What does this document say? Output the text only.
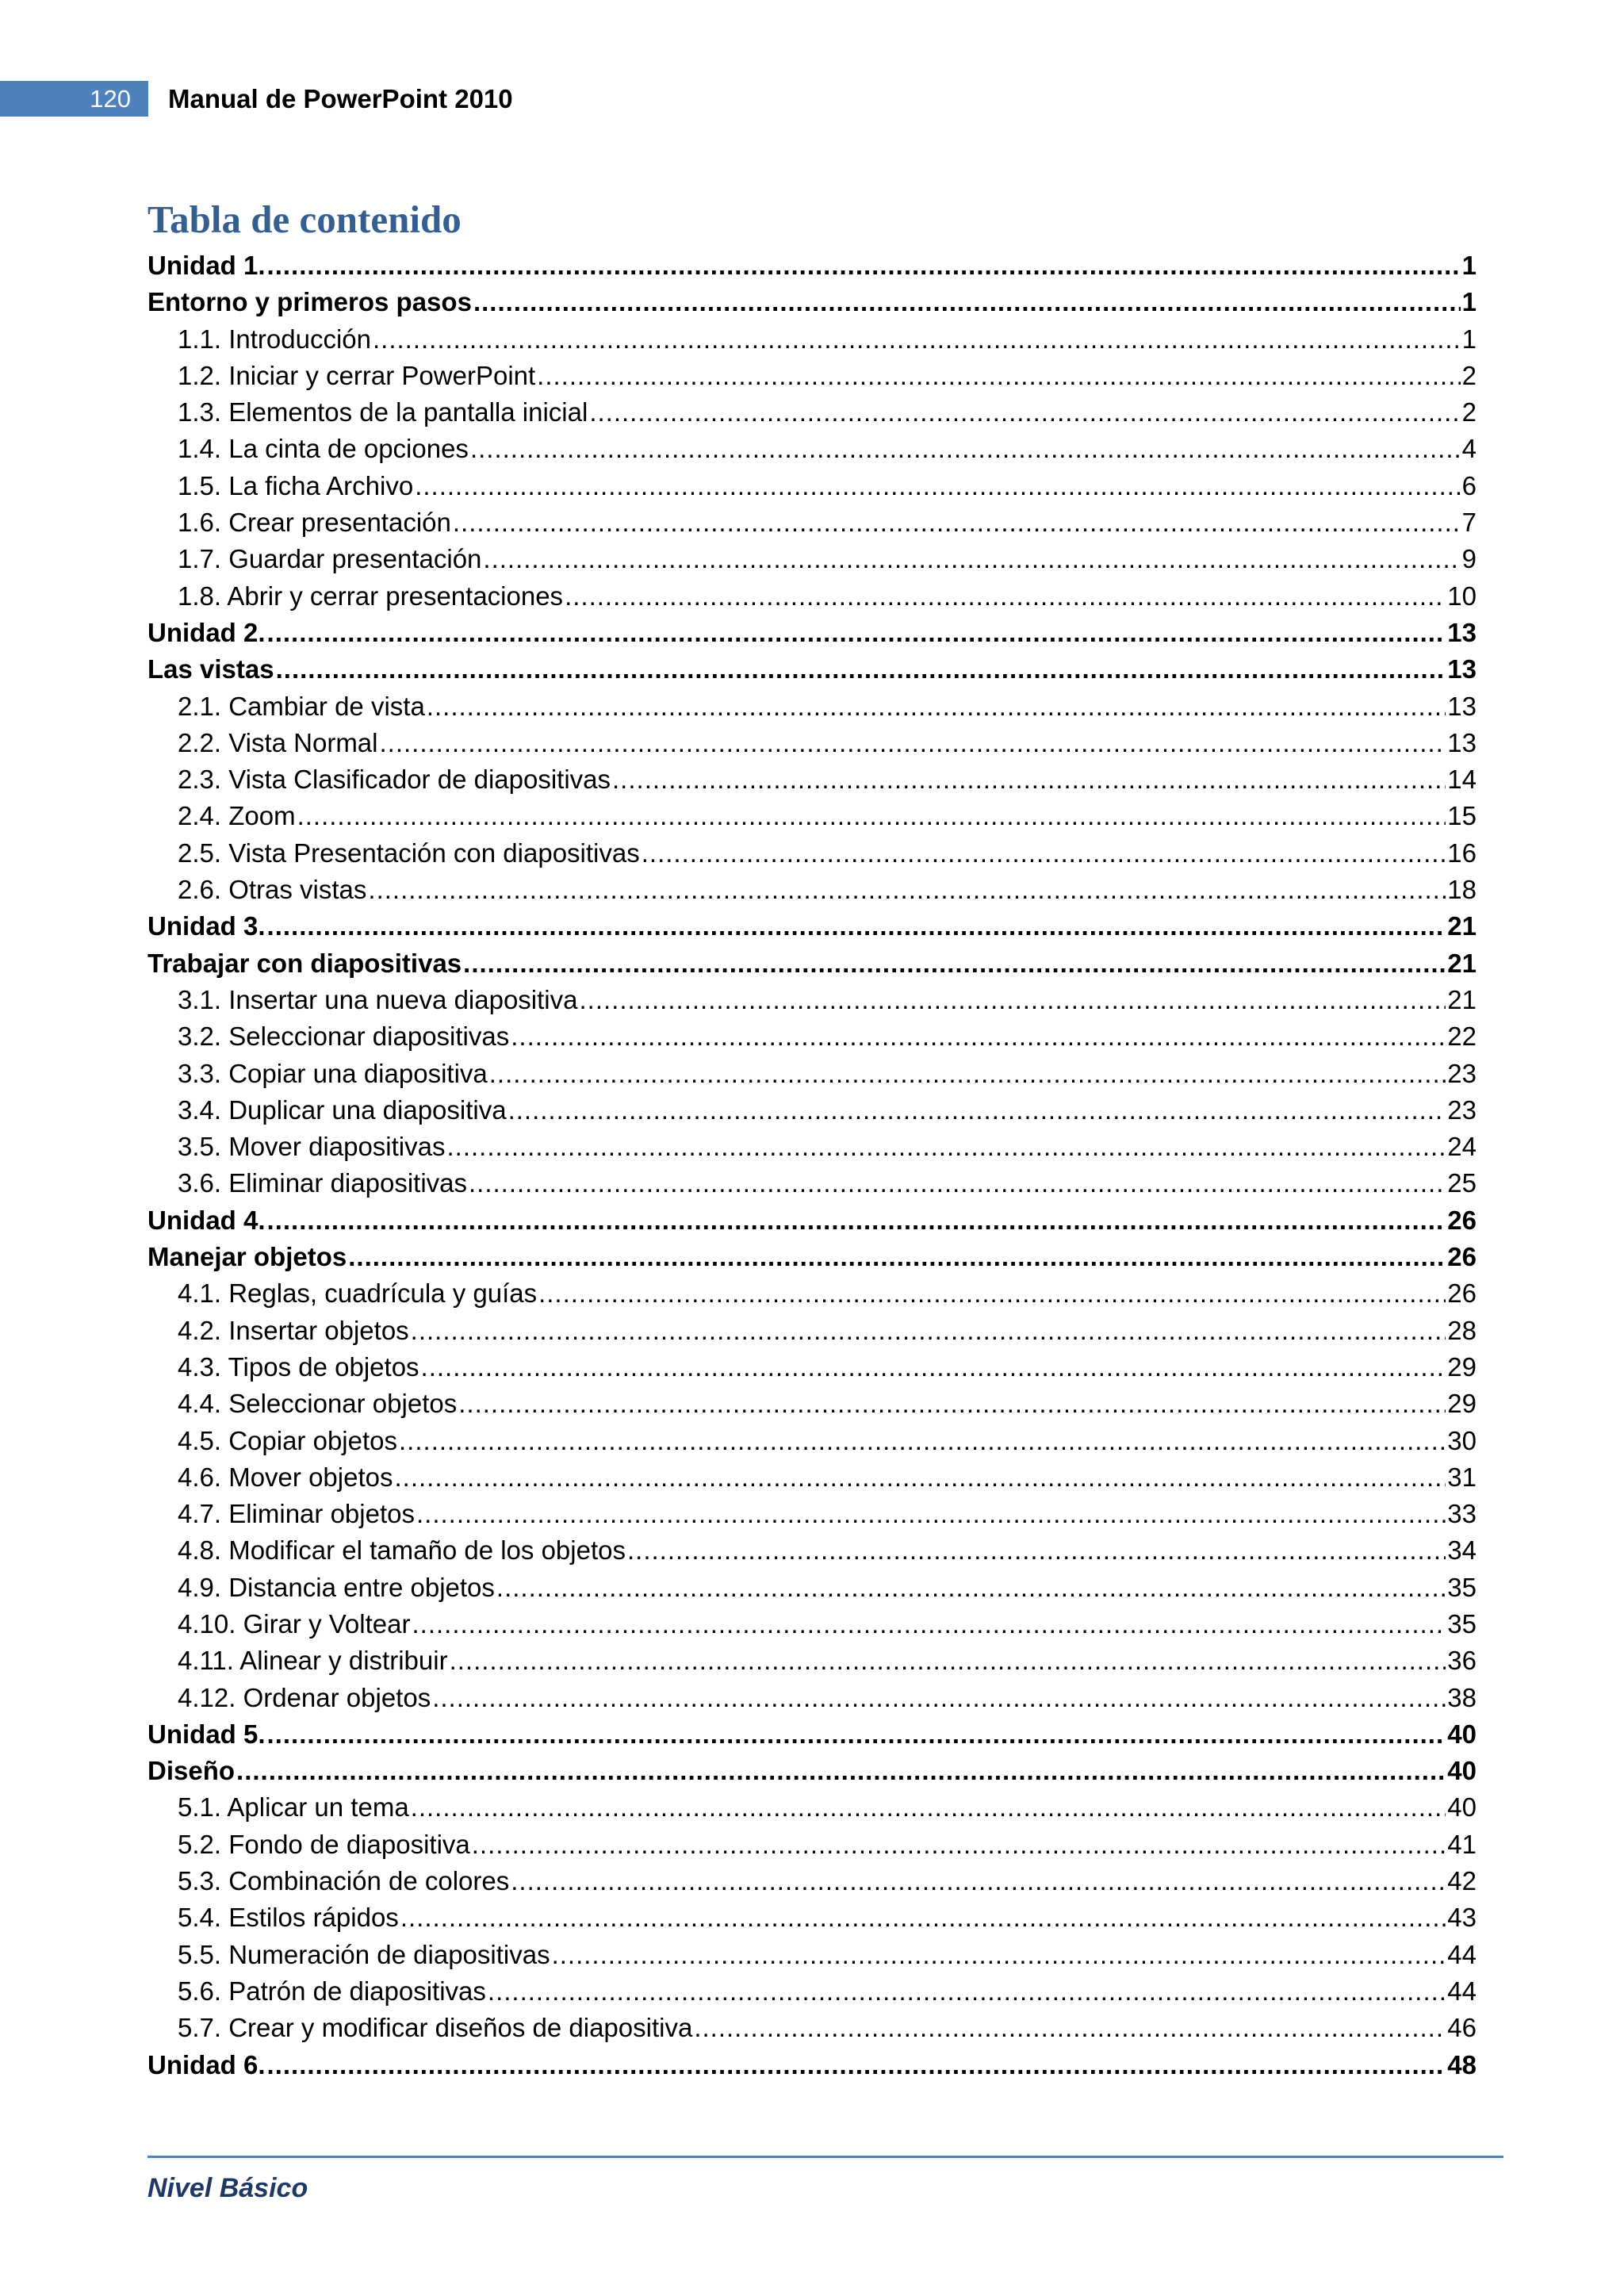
120 Manual de PowerPoint 2010
Tabla de contenido
Unidad 1. .....	1
Entorno y primeros pasos .....	1
1.1. Introducción .....	1
1.2. Iniciar y cerrar PowerPoint .....	2
1.3. Elementos de la pantalla inicial .....	2
1.4. La cinta de opciones .....	4
1.5. La ficha Archivo .....	6
1.6. Crear presentación .....	7
1.7. Guardar presentación .....	9
1.8. Abrir y cerrar presentaciones .....	10
Unidad 2. .....	13
Las vistas .....	13
2.1. Cambiar de vista .....	13
2.2. Vista Normal .....	13
2.3. Vista Clasificador de diapositivas .....	14
2.4. Zoom .....	15
2.5. Vista Presentación con diapositivas .....	16
2.6. Otras vistas .....	18
Unidad 3. .....	21
Trabajar con diapositivas .....	21
3.1. Insertar una nueva diapositiva .....	21
3.2. Seleccionar diapositivas .....	22
3.3. Copiar una diapositiva .....	23
3.4. Duplicar una diapositiva .....	23
3.5. Mover diapositivas .....	24
3.6. Eliminar diapositivas .....	25
Unidad 4. .....	26
Manejar objetos .....	26
4.1. Reglas, cuadrícula y guías .....	26
4.2. Insertar objetos .....	28
4.3. Tipos de objetos .....	29
4.4. Seleccionar objetos .....	29
4.5. Copiar objetos .....	30
4.6. Mover objetos .....	31
4.7. Eliminar objetos .....	33
4.8. Modificar el tamaño de los objetos .....	34
4.9. Distancia entre objetos .....	35
4.10. Girar y Voltear .....	35
4.11. Alinear y distribuir .....	36
4.12. Ordenar objetos .....	38
Unidad 5. .....	40
Diseño .....	40
5.1. Aplicar un tema .....	40
5.2. Fondo de diapositiva .....	41
5.3. Combinación de colores .....	42
5.4. Estilos rápidos .....	43
5.5. Numeración de diapositivas .....	44
5.6. Patrón de diapositivas .....	44
5.7. Crear y modificar diseños de diapositiva .....	46
Unidad 6. .....	48
Nivel Básico
